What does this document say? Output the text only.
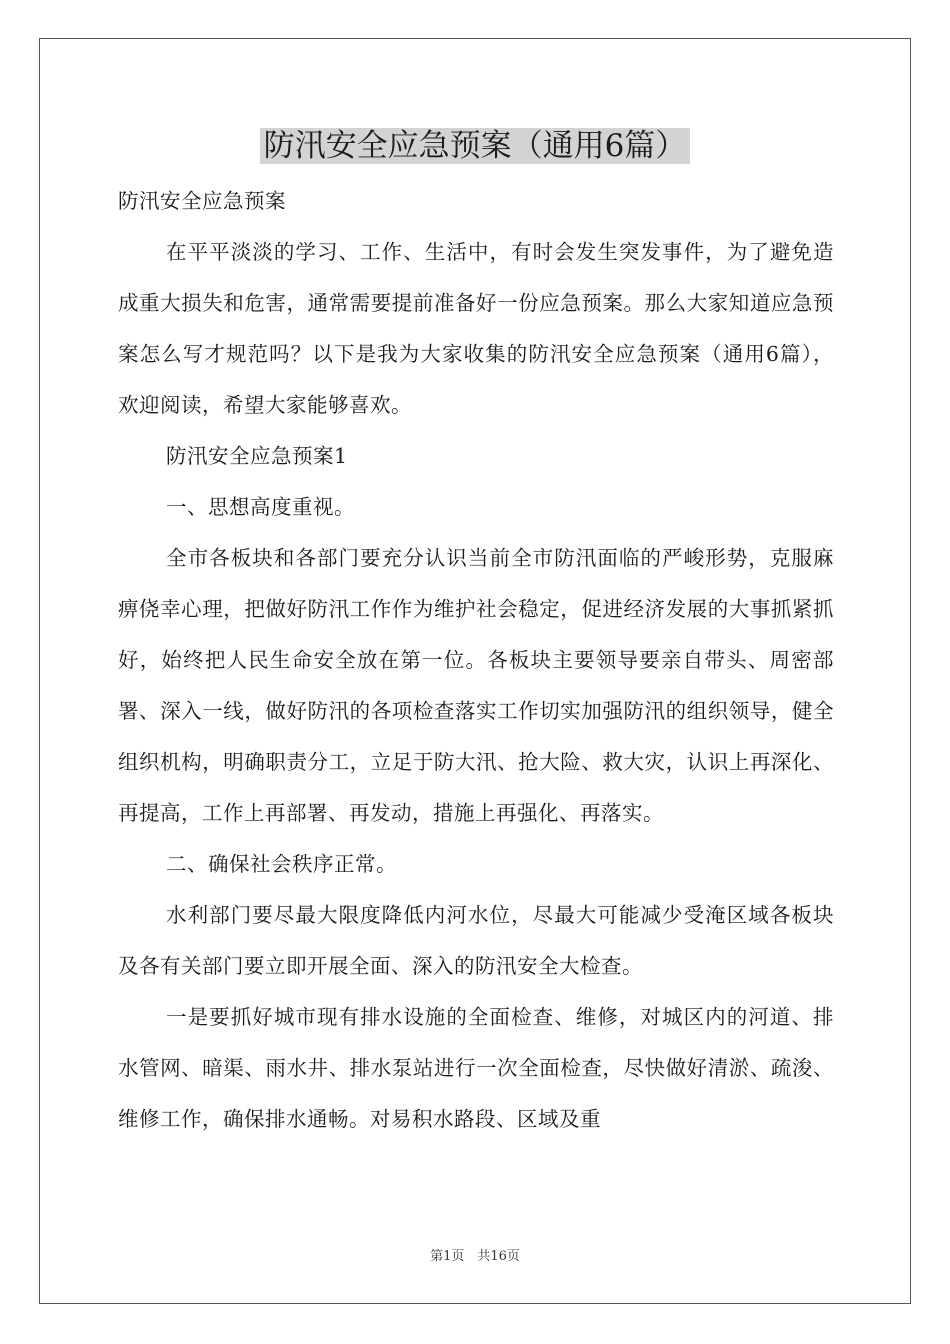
防汛安全应急预案（通用6篇）

防汛安全应急预案

在平平淡淡的学习、工作、生活中，有时会发生突发事件，为了避免造成重大损失和危害，通常需要提前准备好一份应急预案。那么大家知道应急预案怎么写才规范吗？以下是我为大家收集的防汛安全应急预案（通用6篇），欢迎阅读，希望大家能够喜欢。

防汛安全应急预案1

一、思想高度重视。

全市各板块和各部门要充分认识当前全市防汛面临的严峻形势，克服麻痹侥幸心理，把做好防汛工作作为维护社会稳定，促进经济发展的大事抓紧抓好，始终把人民生命安全放在第一位。各板块主要领导要亲自带头、周密部署、深入一线，做好防汛的各项检查落实工作切实加强防汛的组织领导，健全组织机构，明确职责分工，立足于防大汛、抢大险、救大灾，认识上再深化、再提高，工作上再部署、再发动，措施上再强化、再落实。

二、确保社会秩序正常。

水利部门要尽最大限度降低内河水位，尽最大可能减少受淹区域各板块及各有关部门要立即开展全面、深入的防汛安全大检查。

一是要抓好城市现有排水设施的全面检查、维修，对城区内的河道、排水管网、暗渠、雨水井、排水泵站进行一次全面检查，尽快做好清淤、疏浚、维修工作，确保排水通畅。对易积水路段、区域及重

第1页　共16页
